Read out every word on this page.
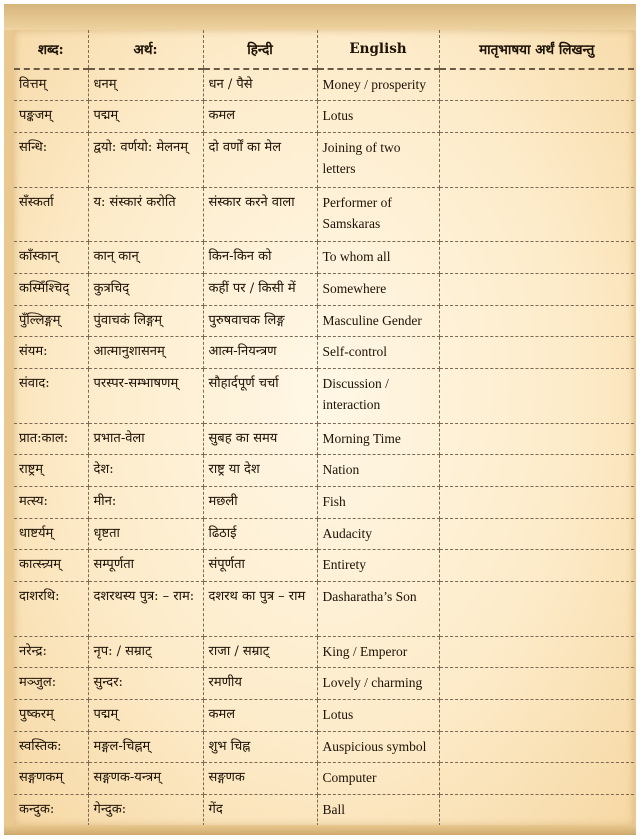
शब्द:	अर्थ:	हिन्दी	English	मातृभाषया अर्थं लिखन्तु
वित्तम्	धनम्	धन / पैसे	Money / prosperity	
पङ्कजम्	पद्मम्	कमल	Lotus	
सन्धि:	द्वयो: वर्णयो: मेलनम्	दो वर्णों का मेल	Joining of two letters	
सँस्कर्ता	य: संस्कारं करोति	संस्कार करने वाला	Performer of Samskaras	
काँस्कान्	कान् कान्	किन-किन को	To whom all	
कस्मिँश्चिद्	कुत्रचिद्	कहीं पर / किसी में	Somewhere	
पुँल्लिङ्गम्	पुंवाचकं लिङ्गम्	पुरुषवाचक लिङ्ग	Masculine Gender	
संयम:	आत्मानुशासनम्	आत्म-नियन्त्रण	Self-control	
संवाद:	परस्पर-सम्भाषणम्	सौहार्दपूर्ण चर्चा	Discussion / interaction	
प्रात:काल:	प्रभात-वेला	सुबह का समय	Morning Time	
राष्ट्रम्	देश:	राष्ट्र या देश	Nation	
मत्स्य:	मीन:	मछली	Fish	
धाष्टर्यम्	धृष्टता	ढिठाई	Audacity	
कात्स्न्र्यम्	सम्पूर्णता	संपूर्णता	Entirety	
दाशरथि:	दशरथस्य पुत्र: – राम:	दशरथ का पुत्र – राम	Dasharatha’s Son	
नरेन्द्र:	नृप: / सम्राट्	राजा / सम्राट्	King / Emperor	
मञ्जुल:	सुन्दर:	रमणीय	Lovely / charming	
पुष्करम्	पद्मम्	कमल	Lotus	
स्वस्तिक:	मङ्गल-चिह्नम्	शुभ चिह्न	Auspicious symbol	
सङ्गणकम्	सङ्गणक-यन्त्रम्	सङ्गणक	Computer	
कन्दुक:	गेन्दुक:	गेंद	Ball	
